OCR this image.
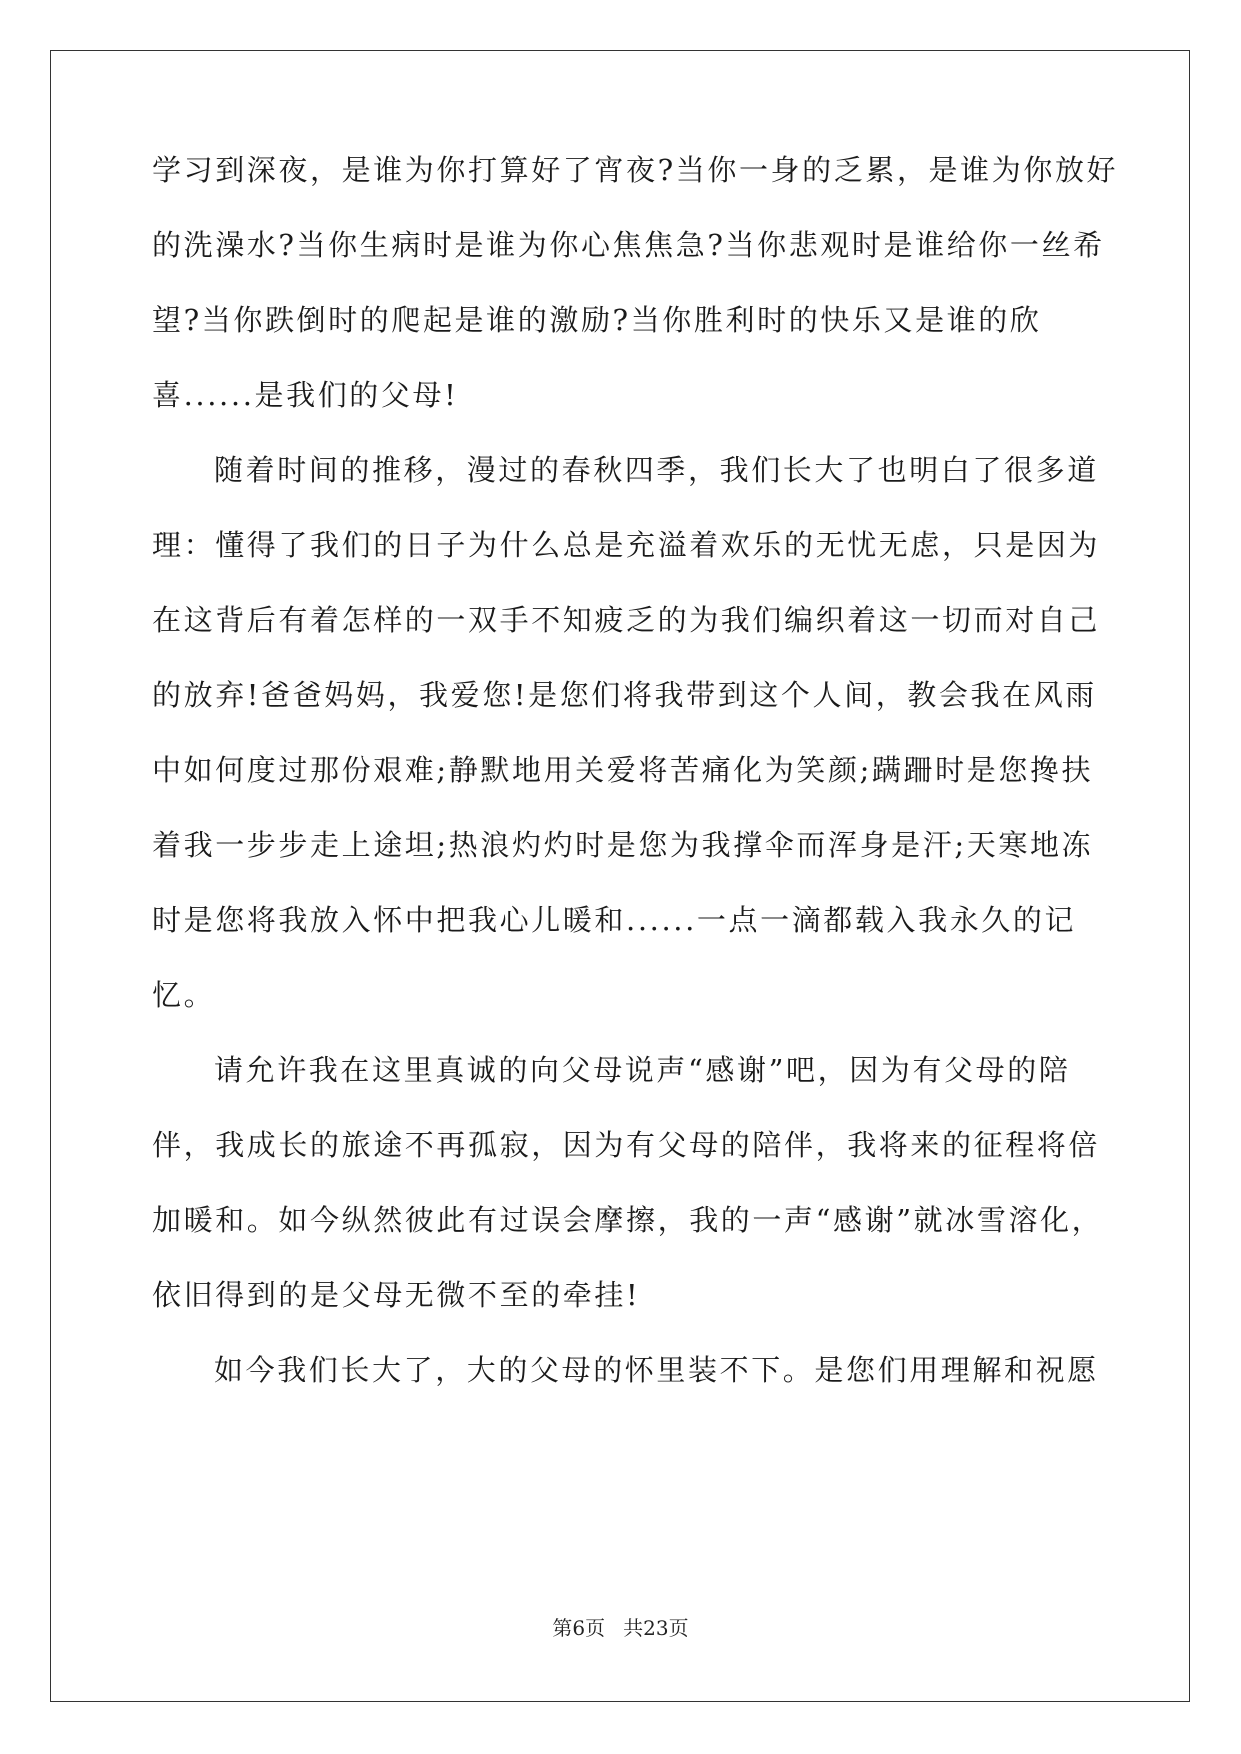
学习到深夜，是谁为你打算好了宵夜?当你一身的乏累，是谁为你放好
的洗澡水?当你生病时是谁为你心焦焦急?当你悲观时是谁给你一丝希
望?当你跌倒时的爬起是谁的激励?当你胜利时的快乐又是谁的欣
喜......是我们的父母!
随着时间的推移，漫过的春秋四季，我们长大了也明白了很多道
理：懂得了我们的日子为什么总是充溢着欢乐的无忧无虑，只是因为
在这背后有着怎样的一双手不知疲乏的为我们编织着这一切而对自己
的放弃!爸爸妈妈，我爱您!是您们将我带到这个人间，教会我在风雨
中如何度过那份艰难;静默地用关爱将苦痛化为笑颜;蹒跚时是您搀扶
着我一步步走上途坦;热浪灼灼时是您为我撑伞而浑身是汗;天寒地冻
时是您将我放入怀中把我心儿暖和......一点一滴都载入我永久的记
忆。
请允许我在这里真诚的向父母说声“感谢”吧，因为有父母的陪
伴，我成长的旅途不再孤寂，因为有父母的陪伴，我将来的征程将倍
加暖和。如今纵然彼此有过误会摩擦，我的一声“感谢”就冰雪溶化，
依旧得到的是父母无微不至的牵挂!
如今我们长大了，大的父母的怀里装不下。是您们用理解和祝愿
第6页 共23页
